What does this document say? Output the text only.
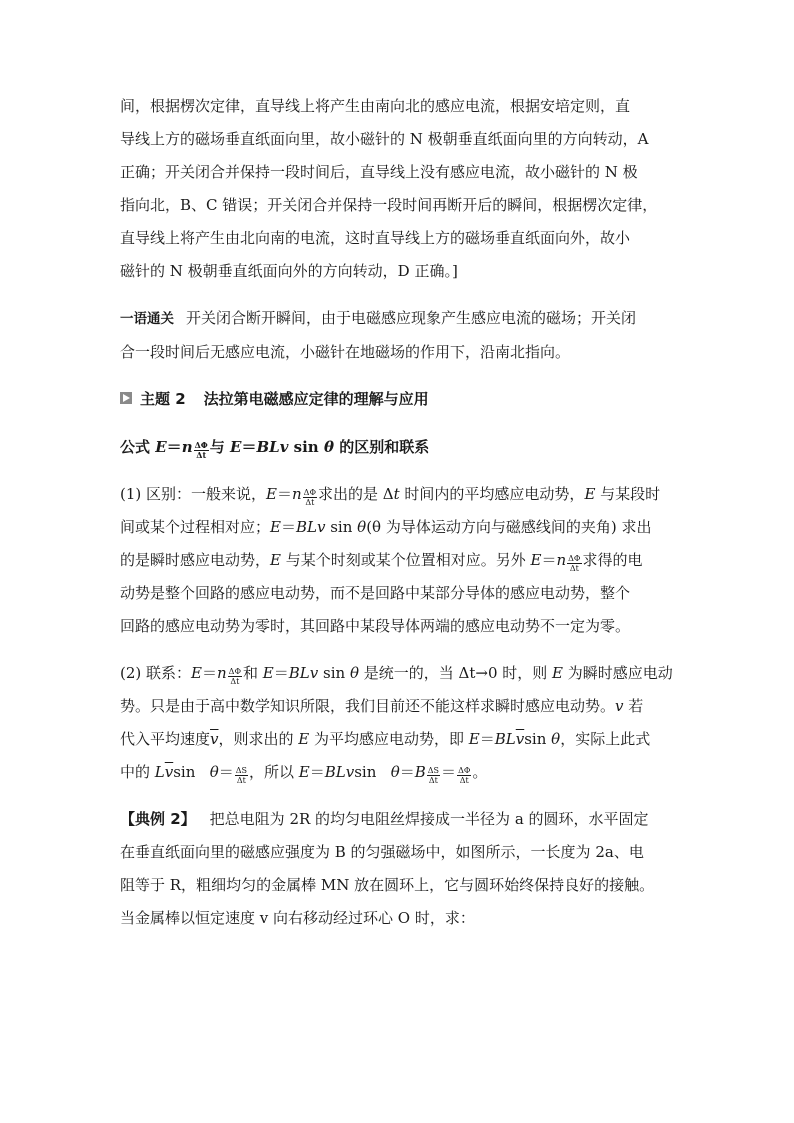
间，根据楞次定律，直导线上将产生由南向北的感应电流，根据安培定则，直
导线上方的磁场垂直纸面向里，故小磁针的 N 极朝垂直纸面向里的方向转动，A
正确；开关闭合并保持一段时间后，直导线上没有感应电流，故小磁针的 N 极
指向北，B、C 错误；开关闭合并保持一段时间再断开后的瞬间，根据楞次定律，
直导线上将产生由北向南的电流，这时直导线上方的磁场垂直纸面向外，故小
磁针的 N 极朝垂直纸面向外的方向转动，D 正确。]

一语通关 开关闭合断开瞬间，由于电磁感应现象产生感应电流的磁场；开关闭
合一段时间后无感应电流，小磁针在地磁场的作用下，沿南北指向。

主题 2 法拉第电磁感应定律的理解与应用

公式 $E=n \frac{\Delta\Phi}{\Delta t}$ 与 E＝BLv sin θ 的区别和联系

(1) 区别：一般来说，$E=n \frac{\Delta\Phi}{\Delta t}$ 求出的是 Δt 时间内的平均感应电动势，E 与某段时
间或某个过程相对应；E＝BLv sin θ(θ 为导体运动方向与磁感线间的夹角) 求出
的是瞬时感应电动势，E 与某个时刻或某个位置相对应。另外 $E=n \frac{\Delta\Phi}{\Delta t}$ 求得的电
动势是整个回路的感应电动势，而不是回路中某部分导体的感应电动势，整个
回路的感应电动势为零时，其回路中某段导体两端的感应电动势不一定为零。

(2) 联系：$E=n \frac{\Delta\Phi}{\Delta t}$ 和 E＝BLv sin θ 是统一的，当 Δt→0 时，则 E 为瞬时感应电动
势。只是由于高中数学知识所限，我们目前还不能这样求瞬时感应电动势。v 若
代入平均速度$\overline{v}$，则求出的 E 为平均感应电动势，即 $E=BL\overline{v}\sin$ θ，实际上此式
中的 $L\overline{v}\sin$ $\theta= \frac{\Delta S}{\Delta t}$ ，所以 E＝BLvsin $\theta=B \frac{\Delta S}{\Delta t} = \frac{\Delta\Phi}{\Delta t}$ 。

【典例 2】 把总电阻为 2R 的均匀电阻丝焊接成一半径为 a 的圆环，水平固定
在垂直纸面向里的磁感应强度为 B 的匀强磁场中，如图所示，一长度为 2a、电
阻等于 R，粗细均匀的金属棒 MN 放在圆环上，它与圆环始终保持良好的接触。
当金属棒以恒定速度 v 向右移动经过环心 O 时，求：
